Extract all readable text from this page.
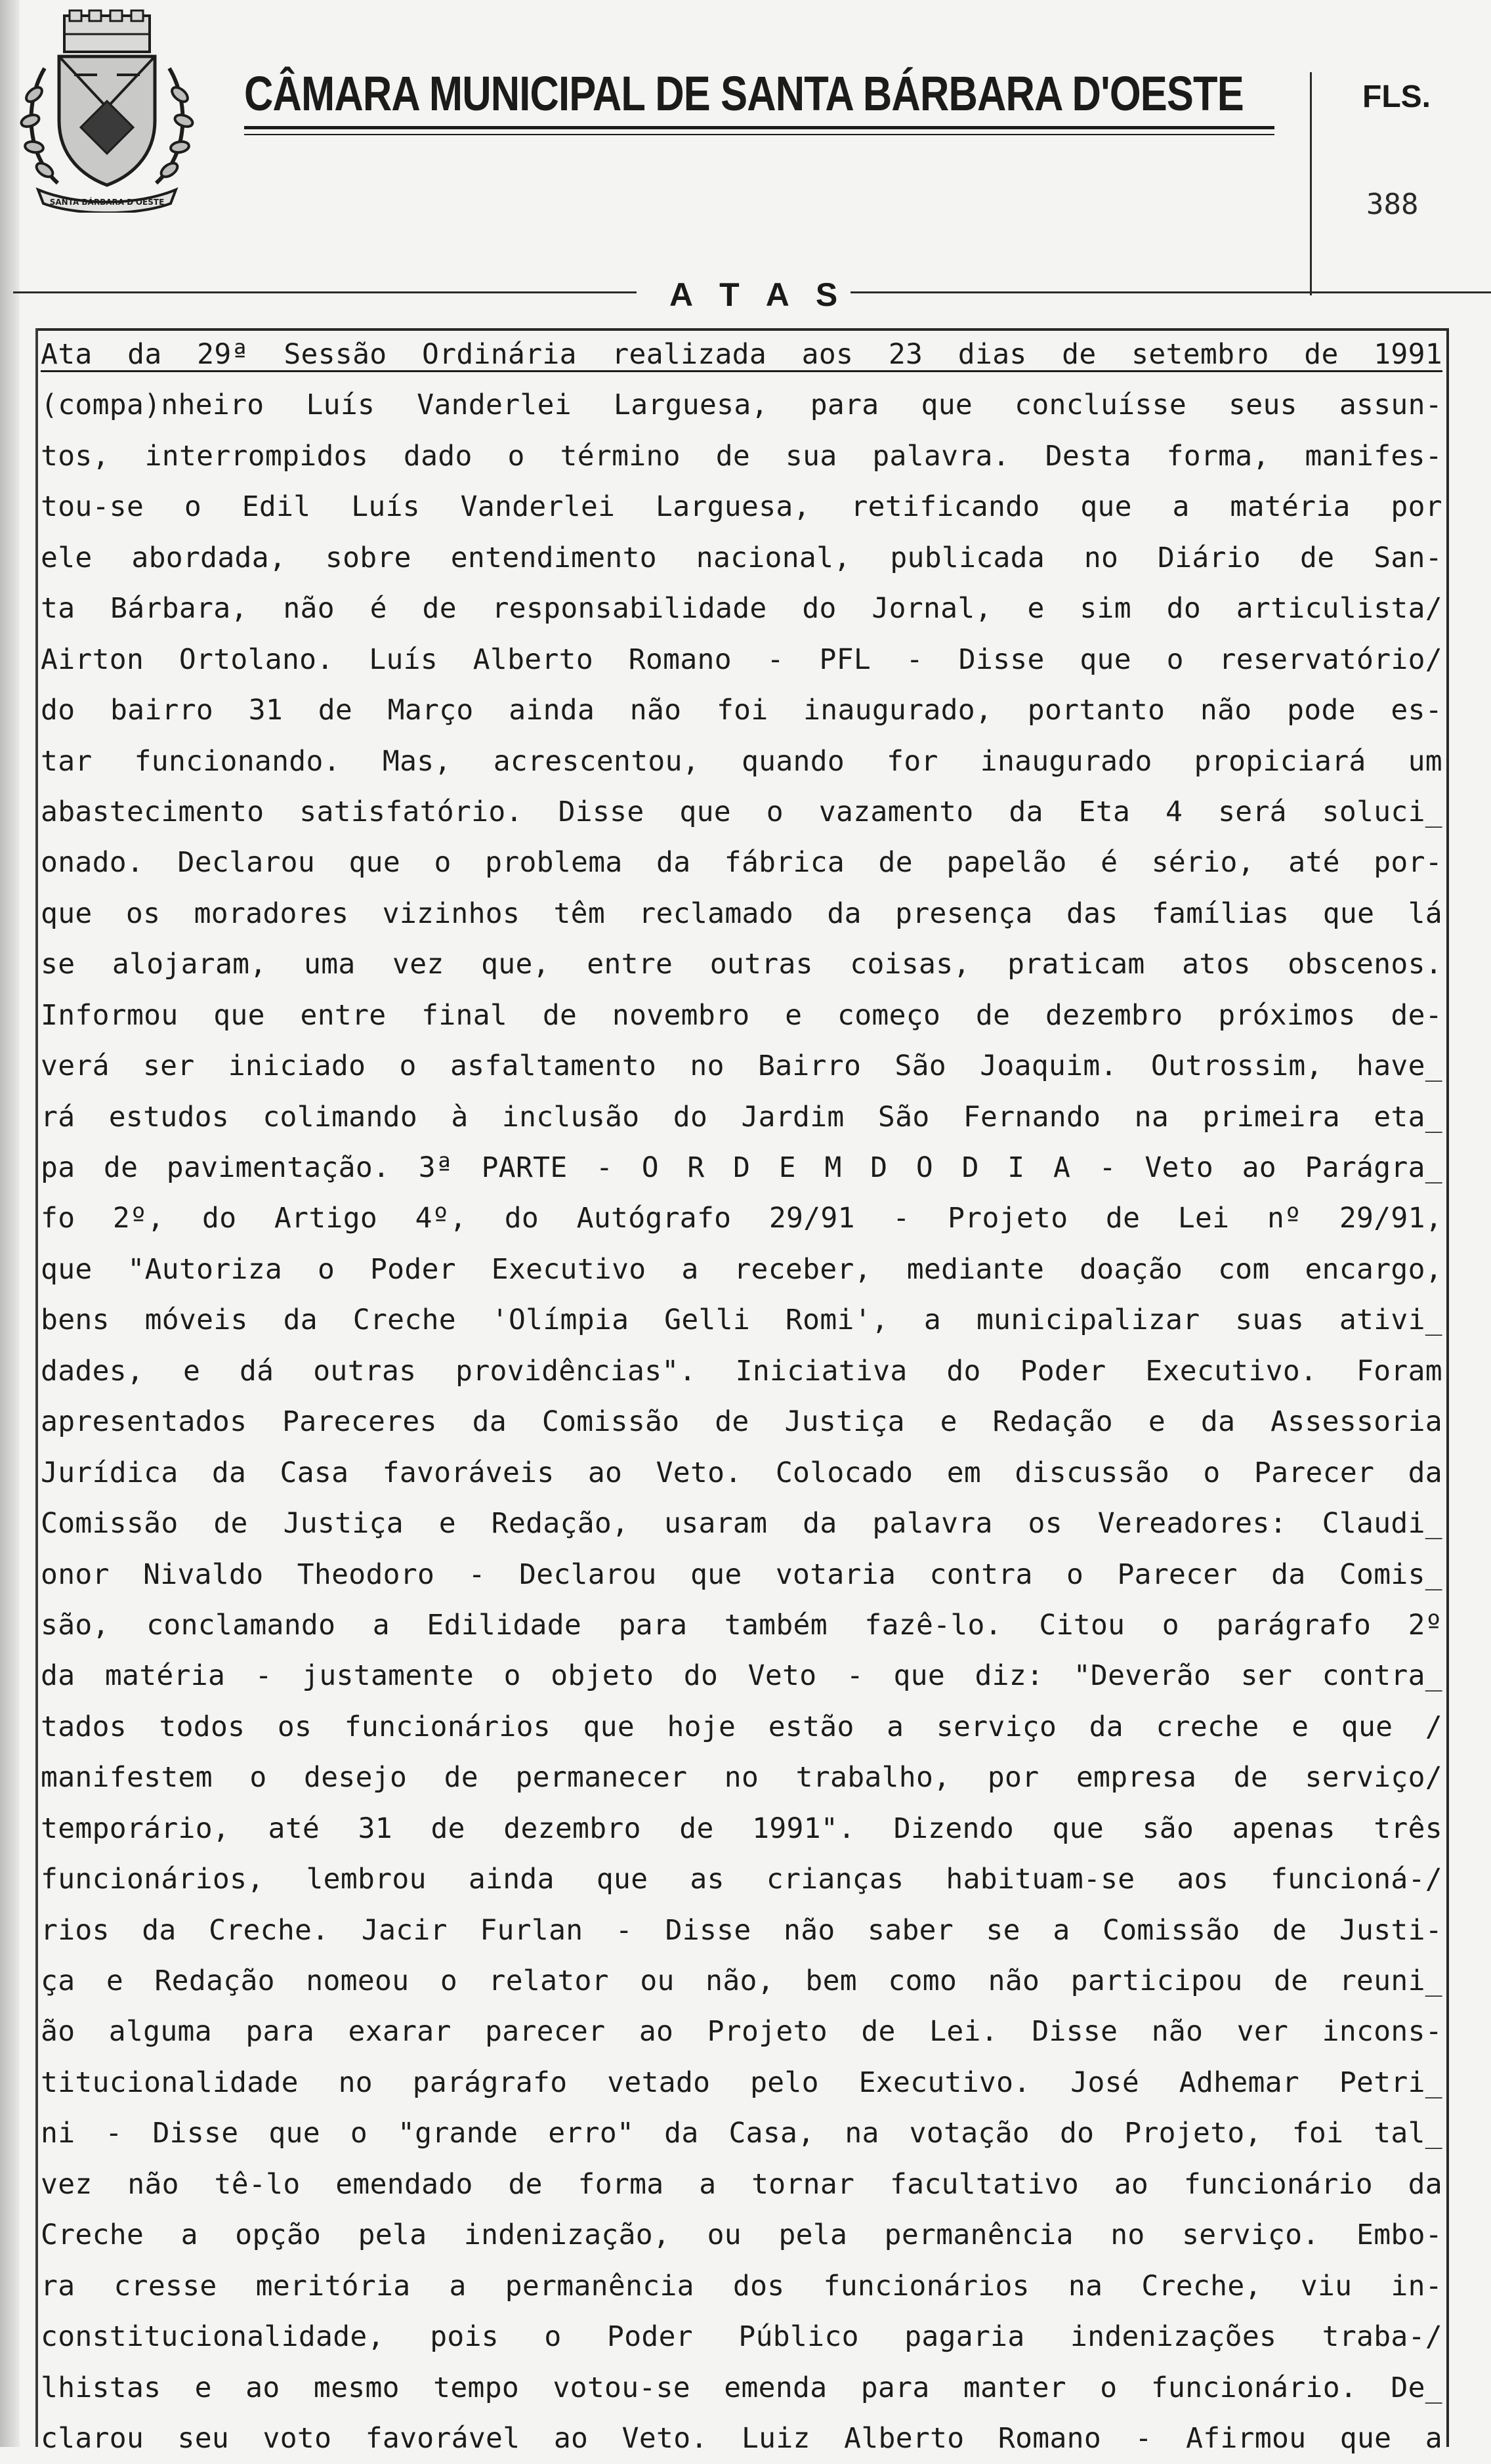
SANTA BÁRBARA D'OESTE
CÂMARA MUNICIPAL DE SANTA BÁRBARA D'OESTE	FLS.
388
A T A S
Ata da 29ª Sessão Ordinária realizada aos 23 dias de setembro de 1991
(compa)nheiro Luís Vanderlei Larguesa, para que concluísse seus assun-
tos, interrompidos dado o término de sua palavra. Desta forma, manifes-
tou-se o Edil Luís Vanderlei Larguesa, retificando que a matéria por
ele abordada, sobre entendimento nacional, publicada no Diário de San-
ta Bárbara, não é de responsabilidade do Jornal, e sim do articulista/
Airton Ortolano. Luís Alberto Romano - PFL - Disse que o reservatório/
do bairro 31 de Março ainda não foi inaugurado, portanto não pode es-
tar funcionando. Mas, acrescentou, quando for inaugurado propiciará um
abastecimento satisfatório. Disse que o vazamento da Eta 4 será soluci_
onado. Declarou que o problema da fábrica de papelão é sério, até por-
que os moradores vizinhos têm reclamado da presença das famílias que lá
se alojaram, uma vez que, entre outras coisas, praticam atos obscenos.
Informou que entre final de novembro e começo de dezembro próximos de-
verá ser iniciado o asfaltamento no Bairro São Joaquim. Outrossim, have_
rá estudos colimando à inclusão do Jardim São Fernando na primeira eta_
pa de pavimentação. 3ª PARTE - O R D E M D O D I A - Veto ao Parágra_
fo 2º, do Artigo 4º, do Autógrafo 29/91 - Projeto de Lei nº 29/91,
que "Autoriza o Poder Executivo a receber, mediante doação com encargo,
bens móveis da Creche 'Olímpia Gelli Romi', a municipalizar suas ativi_
dades, e dá outras providências". Iniciativa do Poder Executivo. Foram
apresentados Pareceres da Comissão de Justiça e Redação e da Assessoria
Jurídica da Casa favoráveis ao Veto. Colocado em discussão o Parecer da
Comissão de Justiça e Redação, usaram da palavra os Vereadores: Claudi_
onor Nivaldo Theodoro - Declarou que votaria contra o Parecer da Comis_
são, conclamando a Edilidade para também fazê-lo. Citou o parágrafo 2º
da matéria - justamente o objeto do Veto - que diz: "Deverão ser contra_
tados todos os funcionários que hoje estão a serviço da creche e que /
manifestem o desejo de permanecer no trabalho, por empresa de serviço/
temporário, até 31 de dezembro de 1991". Dizendo que são apenas três
funcionários, lembrou ainda que as crianças habituam-se aos funcioná-/
rios da Creche. Jacir Furlan - Disse não saber se a Comissão de Justi-
ça e Redação nomeou o relator ou não, bem como não participou de reuni_
ão alguma para exarar parecer ao Projeto de Lei. Disse não ver incons-
titucionalidade no parágrafo vetado pelo Executivo. José Adhemar Petri_
ni - Disse que o "grande erro" da Casa, na votação do Projeto, foi tal_
vez não tê-lo emendado de forma a tornar facultativo ao funcionário da
Creche a opção pela indenização, ou pela permanência no serviço. Embo-
ra cresse meritória a permanência dos funcionários na Creche, viu in-
constitucionalidade, pois o Poder Público pagaria indenizações traba-/
lhistas e ao mesmo tempo votou-se emenda para manter o funcionário. De_
clarou seu voto favorável ao Veto. Luiz Alberto Romano - Afirmou que a
